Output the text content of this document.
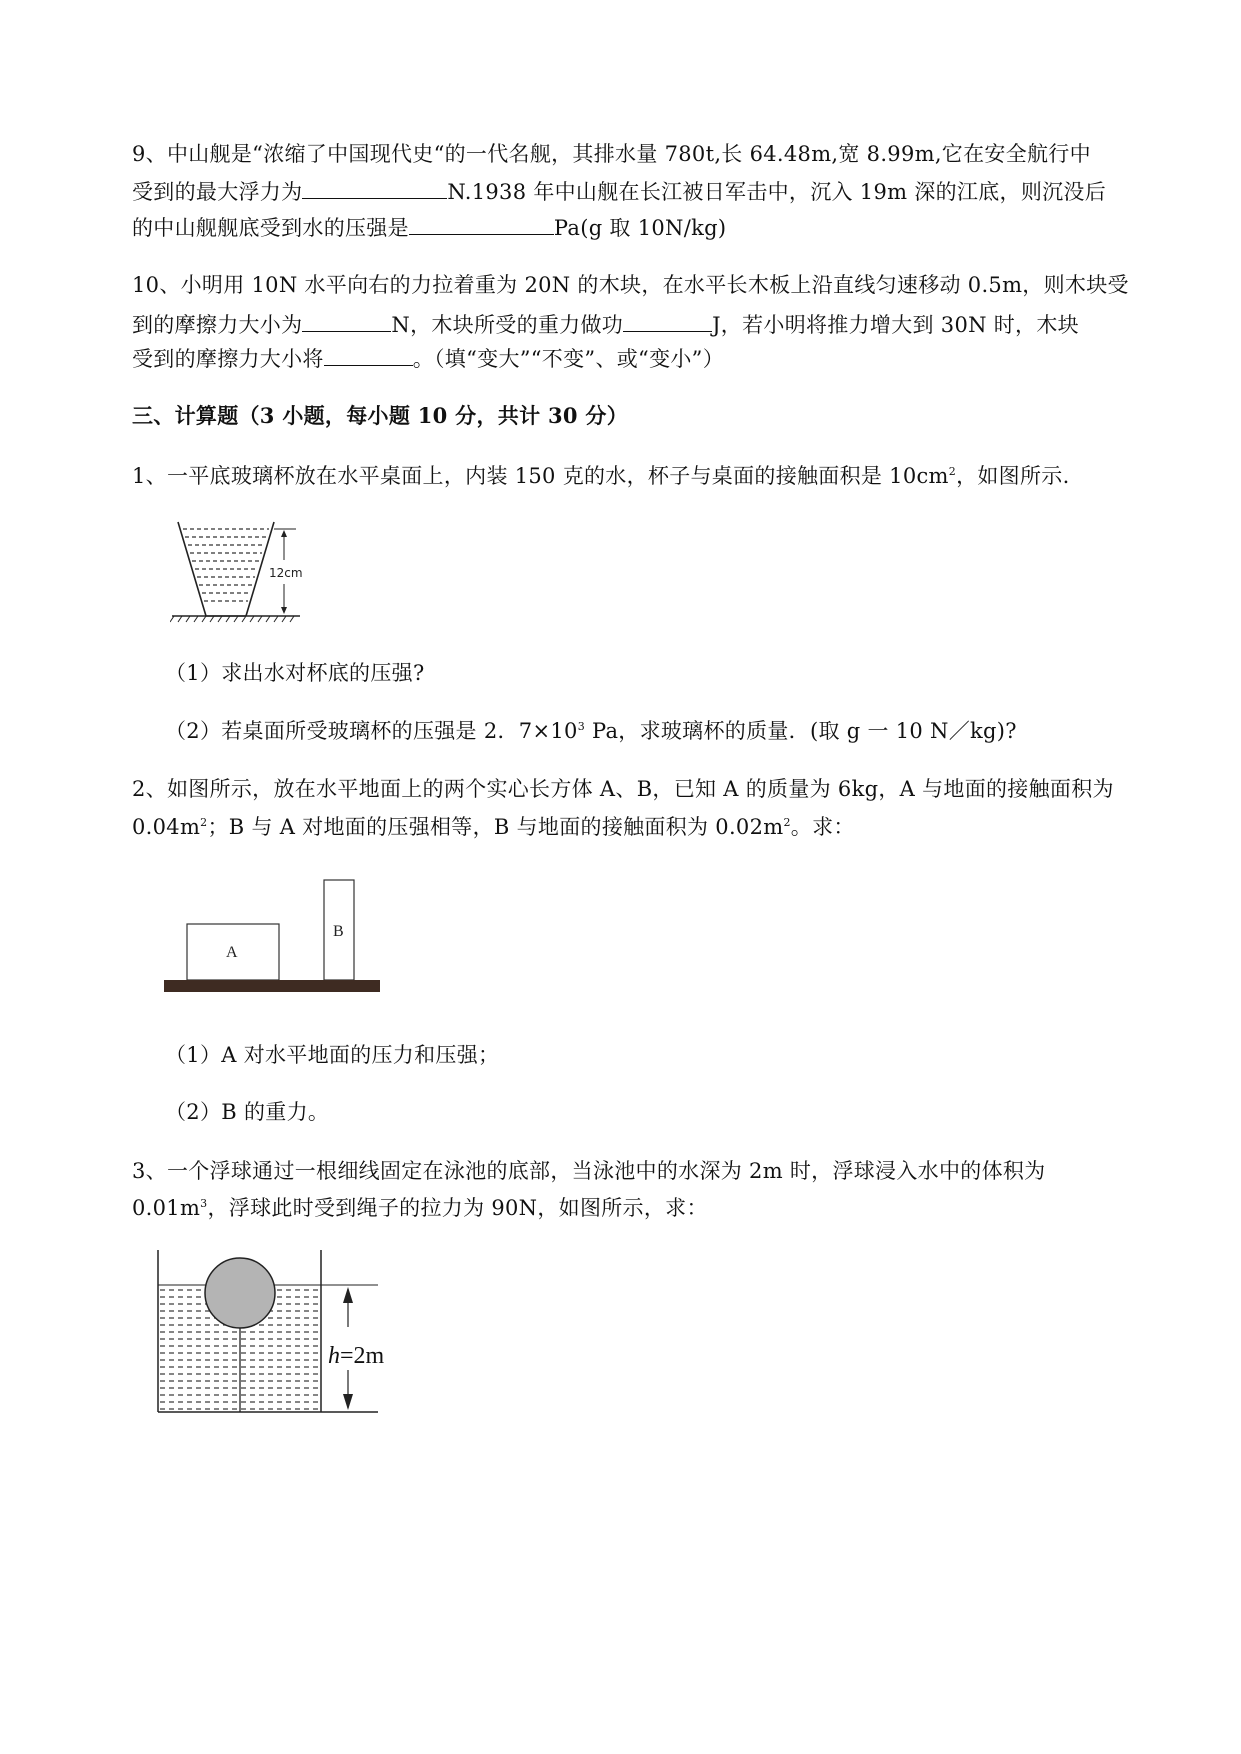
9、中山舰是“浓缩了中国现代史“的一代名舰，其排水量 780t,长 64.48m,宽 8.99m,它在安全航行中
受到的最大浮力为	N.1938 年中山舰在长江被日军击中，沉入 19m 深的江底，则沉没后
的中山舰舰底受到水的压强是	Pa(g 取 10N/kg)
10、小明用 10N 水平向右的力拉着重为 20N 的木块，在水平长木板上沿直线匀速移动 0.5m，则木块受
到的摩擦力大小为	N，木块所受的重力做功	J，若小明将推力增大到 30N 时，木块
受到的摩擦力大小将	。（填“变大”“不变”、或“变小”）
三、计算题（3 小题，每小题 10 分，共计 30 分）
1、一平底玻璃杯放在水平桌面上，内装 150 克的水，杯子与桌面的接触面积是 $10cm^2$，如图所示.
12cm
（1）求出水对杯底的压强?
（2）若桌面所受玻璃杯的压强是 2．$7\times 10^3$ Pa，求玻璃杯的质量．(取 g 一 10 N／kg)?
2、如图所示，放在水平地面上的两个实心长方体 A、B，已知 A 的质量为 6kg，A 与地面的接触面积为
$0.04m^2$；B 与 A 对地面的压强相等，B 与地面的接触面积为 $0.02m^2$。求：
A
B
（1）A 对水平地面的压力和压强；
（2）B 的重力。
3、一个浮球通过一根细线固定在泳池的底部，当泳池中的水深为 2m 时，浮球浸入水中的体积为
$0.01m^3$，浮球此时受到绳子的拉力为 90N，如图所示，求：
h=2m
